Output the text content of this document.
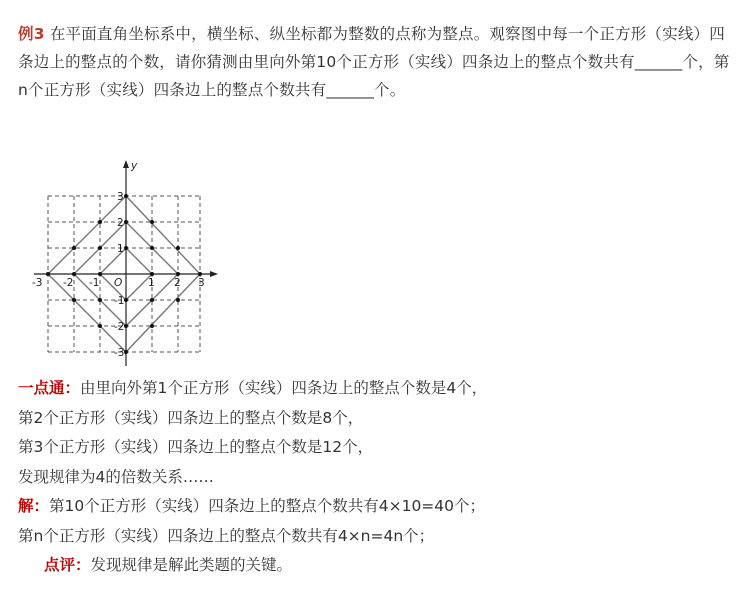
例3 在平面直角坐标系中，横坐标、纵坐标都为整数的点称为整点。观察图中每一个正方形（实线）四条边上的整点的个数，请你猜测由里向外第10个正方形（实线）四条边上的整点个数共有______个，第n个正方形（实线）四条边上的整点个数共有______个。
y
O
-3 -2 -1	1 2 3
3
2
1
-1
-2
-3

一点通：由里向外第1个正方形（实线）四条边上的整点个数是4个，

第2个正方形（实线）四条边上的整点个数是8个，

第3个正方形（实线）四条边上的整点个数是12个，

发现规律为4的倍数关系……

解：第10个正方形（实线）四条边上的整点个数共有4×10=40个；

第n个正方形（实线）四条边上的整点个数共有4×n=4n个；

点评：发现规律是解此类题的关键。
